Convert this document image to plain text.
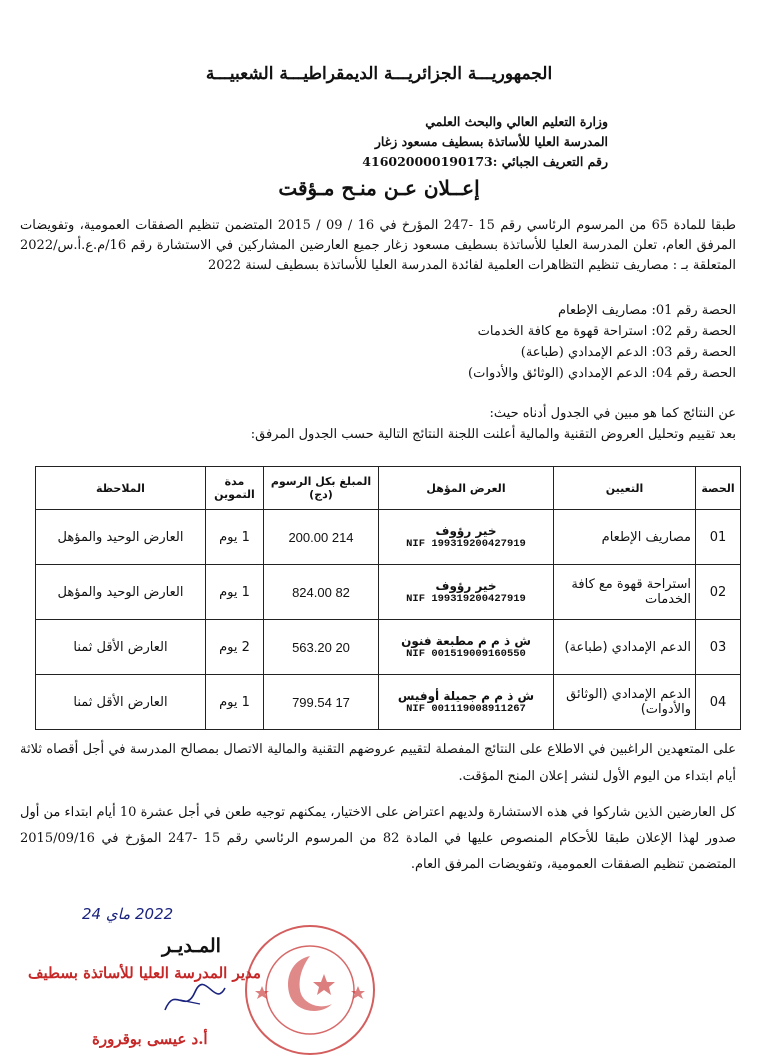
الجمهوريـــة الجزائريـــة الديمقراطيـــة الشعبيـــة
وزارة التعليم العالي والبحث العلمي
المدرسة العليا للأساتذة بسطيف مسعود زغار
رقم التعريف الجبائي :416020000190173
إعــلان عـن منـح مـؤقت
طبقا للمادة 65 من المرسوم الرئاسي رقم 15 -247 المؤرخ في 16 / 09 / 2015 المتضمن تنظيم الصفقات العمومية، وتفويضات المرفق العام، تعلن المدرسة العليا للأساتذة بسطيف مسعود زغار جميع العارضين المشاركين في الاستشارة رقم 16/م.ع.أ.س/2022 المتعلقة بـ : مصاريف تنظيم التظاهرات العلمية لفائدة المدرسة العليا للأساتذة بسطيف لسنة 2022
الحصة رقم 01: مصاريف الإطعام
الحصة رقم 02: استراحة قهوة مع كافة الخدمات
الحصة رقم 03: الدعم الإمدادي (طباعة)
الحصة رقم 04: الدعم الإمدادي (الوثائق والأدوات)
عن النتائج كما هو مبين في الجدول أدناه حيث:
بعد تقييم وتحليل العروض التقنية والمالية أعلنت اللجنة النتائج التالية حسب الجدول المرفق:
الحصة	التعيين	العرض المؤهل	المبلغ بكل الرسوم (دج)	مدة التموين	الملاحظة
01	مصاريف الإطعام	خير رؤوف
NIF 199319200427919	214 200.00	1 يوم	العارض الوحيد والمؤهل
02	استراحة قهوة مع كافة الخدمات	خير رؤوف
NIF 199319200427919	82 824.00	1 يوم	العارض الوحيد والمؤهل
03	الدعم الإمدادي (طباعة)	ش ذ م م مطبعة فنون
NIF 001519009160550	20 563.20	2 يوم	العارض الأقل ثمنا
04	الدعم الإمدادي (الوثائق والأدوات)	ش ذ م م جميلة أوفيس
NIF 001119008911267	17 799.54	1 يوم	العارض الأقل ثمنا
على المتعهدين الراغبين في الاطلاع على النتائج المفصلة لتقييم عروضهم التقنية والمالية الاتصال بمصالح المدرسة في أجل أقصاه ثلاثة أيام ابتداء من اليوم الأول لنشر إعلان المنح المؤقت.
كل العارضين الذين شاركوا في هذه الاستشارة ولديهم اعتراض على الاختيار، يمكنهم توجيه طعن في أجل عشرة 10 أيام ابتداء من أول صدور لهذا الإعلان طبقا للأحكام المنصوص عليها في المادة 82 من المرسوم الرئاسي رقم 15 -247 المؤرخ في 2015/09/16 المتضمن تنظيم الصفقات العمومية، وتفويضات المرفق العام.
2022 ماي 24
المـديـر
مدير المدرسة العليا للأساتذة بسطيف
أ.د عيسى بوقرورة
